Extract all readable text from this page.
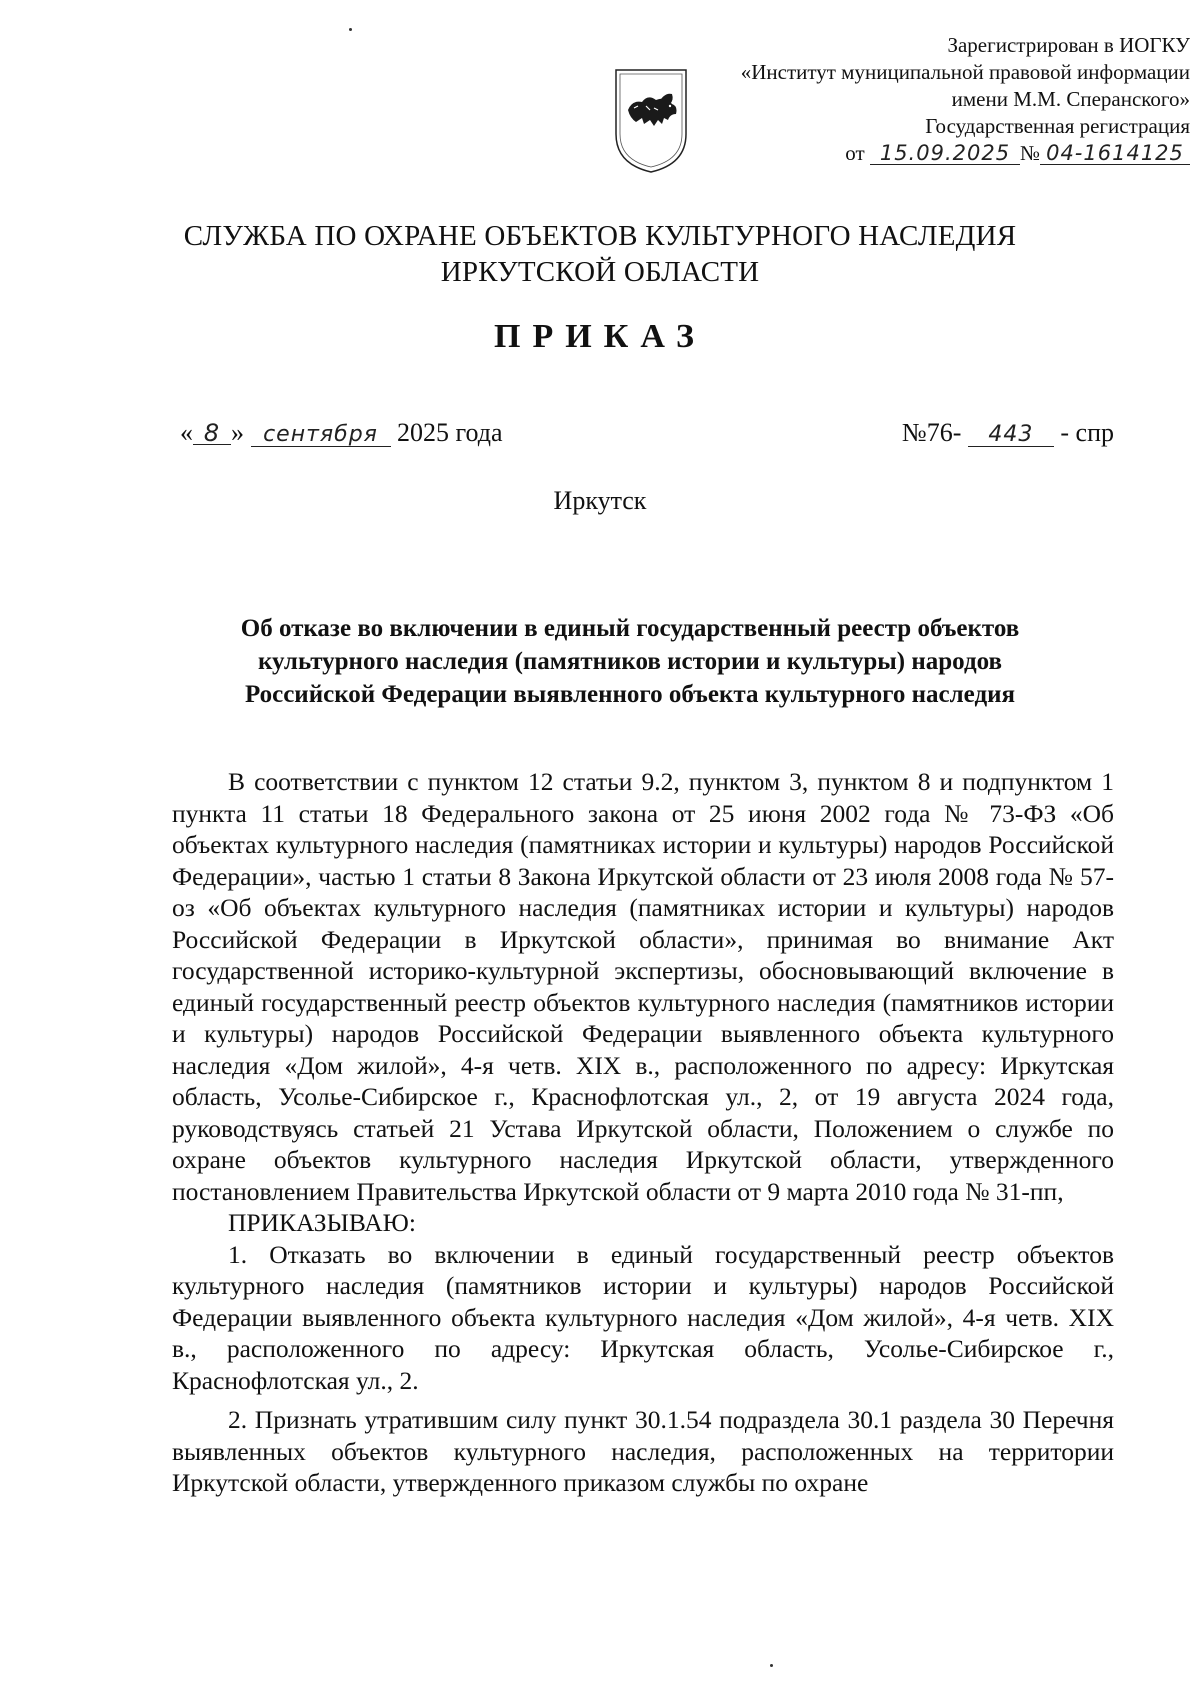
Зарегистрирован в ИОГКУ
«Институт муниципальной правовой информации
имени М.М. Сперанского»
Государственная регистрация
от 15.09.2025 № 04-1614125
СЛУЖБА ПО ОХРАНЕ ОБЪЕКТОВ КУЛЬТУРНОГО НАСЛЕДИЯ
ИРКУТСКОЙ ОБЛАСТИ
ПРИКАЗ
« 8 » сентября 2025 года	№76- 443 - спр
Иркутск
Об отказе во включении в единый государственный реестр объектов
культурного наследия (памятников истории и культуры) народов
Российской Федерации выявленного объекта культурного наследия

В соответствии с пунктом 12 статьи 9.2, пунктом 3, пунктом 8 и подпунктом 1 пункта 11 статьи 18 Федерального закона от 25 июня 2002 года № 73-ФЗ «Об объектах культурного наследия (памятниках истории и культуры) народов Российской Федерации», частью 1 статьи 8 Закона Иркутской области от 23 июля 2008 года № 57-оз «Об объектах культурного наследия (памятниках истории и культуры) народов Российской Федерации в Иркутской области», принимая во внимание Акт государственной историко-культурной экспертизы, обосновывающий включение в единый государственный реестр объектов культурного наследия (памятников истории и культуры) народов Российской Федерации выявленного объекта культурного наследия «Дом жилой», 4-я четв. XIX в., расположенного по адресу: Иркутская область, Усолье-Сибирское г., Краснофлотская ул., 2, от 19 августа 2024 года, руководствуясь статьей 21 Устава Иркутской области, Положением о службе по охране объектов культурного наследия Иркутской области, утвержденного постановлением Правительства Иркутской области от 9 марта 2010 года № 31-пп,

ПРИКАЗЫВАЮ:

1. Отказать во включении в единый государственный реестр объектов культурного наследия (памятников истории и культуры) народов Российской Федерации выявленного объекта культурного наследия «Дом жилой», 4-я четв. XIX в., расположенного по адресу: Иркутская область, Усолье-Сибирское г., Краснофлотская ул., 2.

2. Признать утратившим силу пункт 30.1.54 подраздела 30.1 раздела 30 Перечня выявленных объектов культурного наследия, расположенных на территории Иркутской области, утвержденного приказом службы по охране
